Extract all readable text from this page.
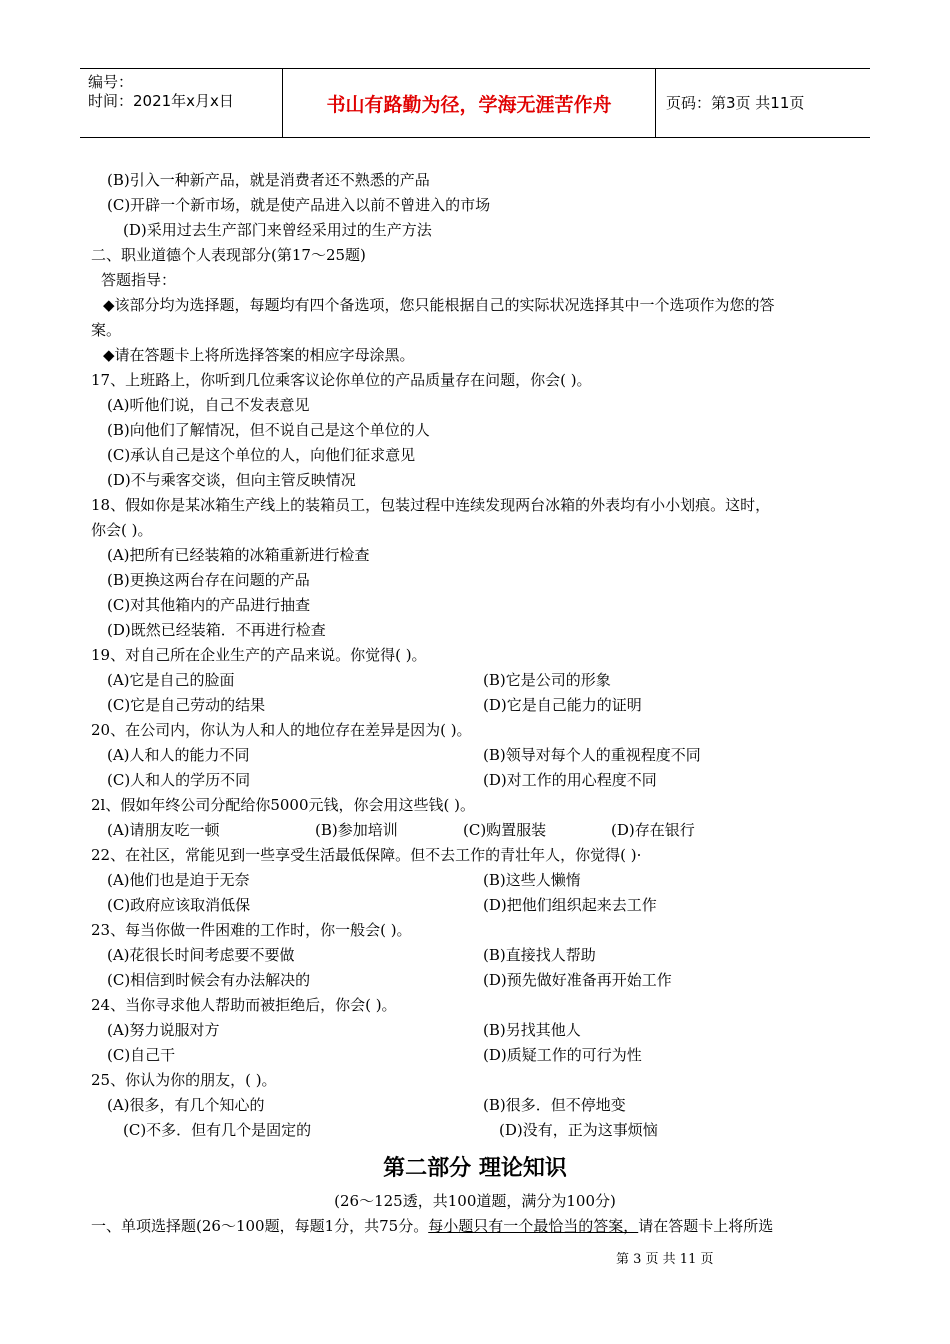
编号：
时间：2021年x月x日	书山有路勤为径，学海无涯苦作舟	页码：第3页 共11页
(B)引入一种新产品，就是消费者还不熟悉的产品
(C)开辟一个新市场，就是使产品进入以前不曾进入的市场
(D)采用过去生产部门来曾经采用过的生产方法
二、职业道德个人表现部分(第17～25题)
答题指导：
◆该部分均为选择题，每题均有四个备选项，您只能根据自己的实际状况选择其中一个选项作为您的答
案。
◆请在答题卡上将所选择答案的相应字母涂黑。
17、上班路上，你听到几位乘客议论你单位的产品质量存在问题，你会( )。
(A)听他们说，自己不发表意见
(B)向他们了解情况，但不说自己是这个单位的人
(C)承认自己是这个单位的人，向他们征求意见
(D)不与乘客交谈，但向主管反映情况
18、假如你是某冰箱生产线上的装箱员工，包装过程中连续发现两台冰箱的外表均有小小划痕。这时，
你会( )。
(A)把所有已经装箱的冰箱重新进行检查
(B)更换这两台存在问题的产品
(C)对其他箱内的产品进行抽查
(D)既然已经装箱．不再进行检查
19、对自己所在企业生产的产品来说。你觉得( )。
(A)它是自己的脸面	(B)它是公司的形象
(C)它是自己劳动的结果	(D)它是自己能力的证明
20、在公司内，你认为人和人的地位存在差异是因为( )。
(A)人和人的能力不同	(B)领导对每个人的重视程度不同
(C)人和人的学历不同	(D)对工作的用心程度不同
2l、假如年终公司分配给你5000元钱，你会用这些钱( )。
(A)请朋友吃一顿	(B)参加培训	(C)购置服装	(D)存在银行
22、在社区，常能见到一些享受生活最低保障。但不去工作的青壮年人，你觉得( )·
(A)他们也是迫于无奈	(B)这些人懒惰
(C)政府应该取消低保	(D)把他们组织起来去工作
23、每当你做一件困难的工作时，你一般会( )。
(A)花很长时间考虑要不要做	(B)直接找人帮助
(C)相信到时候会有办法解决的	(D)预先做好准备再开始工作
24、当你寻求他人帮助而被拒绝后，你会( )。
(A)努力说服对方	(B)另找其他人
(C)自己干	(D)质疑工作的可行为性
25、你认为你的朋友，( )。
(A)很多，有几个知心的	(B)很多．但不停地变
(C)不多．但有几个是固定的	(D)没有，正为这事烦恼
第二部分 理论知识
(26～125透，共100道题，满分为100分)
一、单项选择题(26～100题，每题1分，共75分。每小题只有一个最恰当的答案，请在答题卡上将所选
第 3 页 共 11 页
